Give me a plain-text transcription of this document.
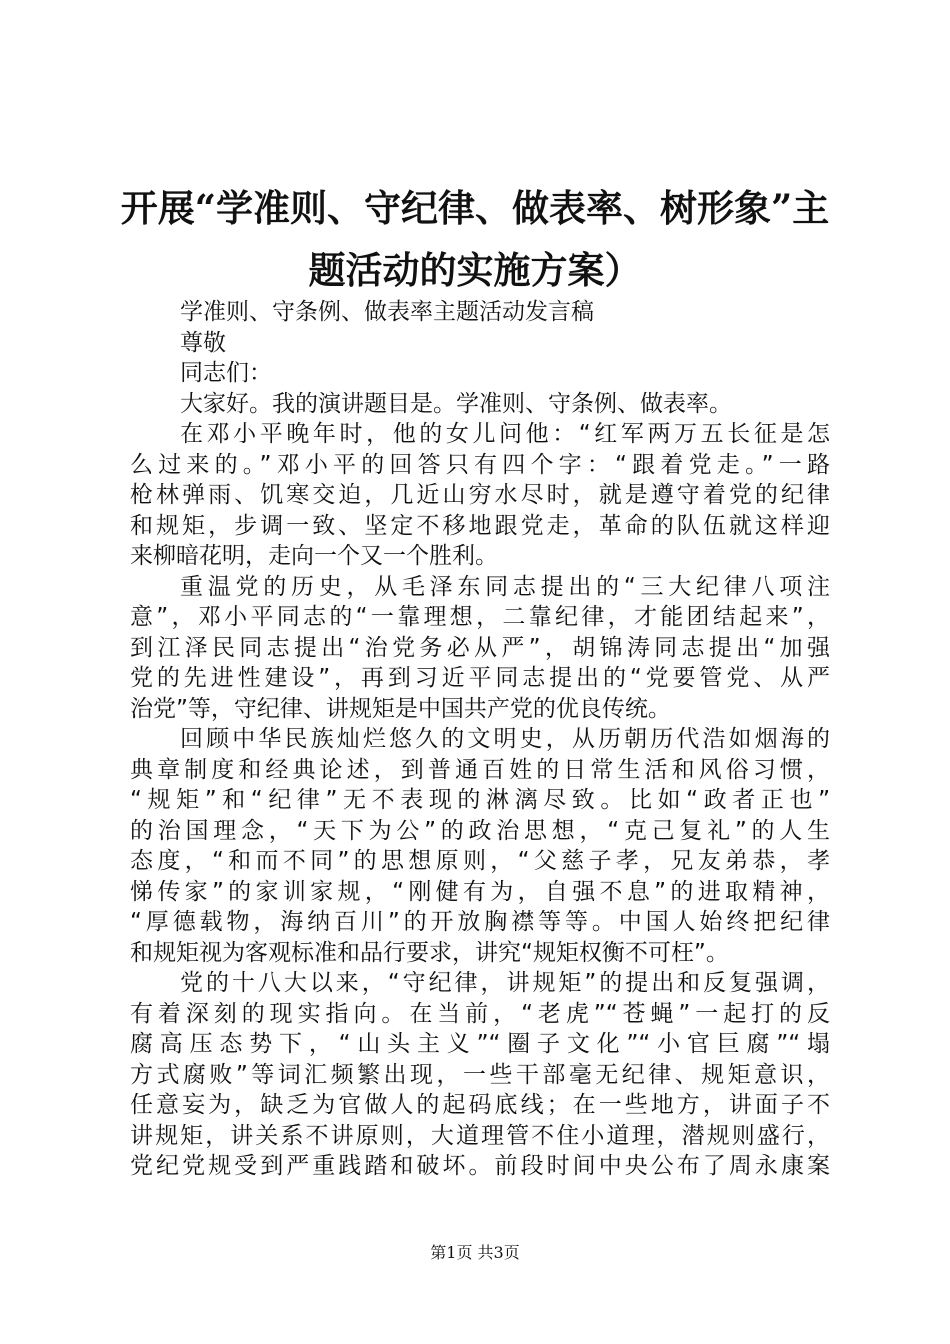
开展“学准则、守纪律、做表率、树形象”主
题活动的实施方案）
学准则、守条例、做表率主题活动发言稿
尊敬
同志们：
大家好。我的演讲题目是。学准则、守条例、做表率。
在邓小平晚年时，他的女儿问他：“红军两万五长征是怎
么过来的。”邓小平的回答只有四个字：“跟着党走。”一路
枪林弹雨、饥寒交迫，几近山穷水尽时，就是遵守着党的纪律
和规矩，步调一致、坚定不移地跟党走，革命的队伍就这样迎
来柳暗花明，走向一个又一个胜利。
重温党的历史，从毛泽东同志提出的“三大纪律八项注
意”，邓小平同志的“一靠理想，二靠纪律，才能团结起来”，
到江泽民同志提出“治党务必从严”，胡锦涛同志提出“加强
党的先进性建设”，再到习近平同志提出的“党要管党、从严
治党”等，守纪律、讲规矩是中国共产党的优良传统。
回顾中华民族灿烂悠久的文明史，从历朝历代浩如烟海的
典章制度和经典论述，到普通百姓的日常生活和风俗习惯，
“规矩”和“纪律”无不表现的淋漓尽致。比如“政者正也”
的治国理念，“天下为公”的政治思想，“克己复礼”的人生
态度，“和而不同”的思想原则，“父慈子孝，兄友弟恭，孝
悌传家”的家训家规，“刚健有为，自强不息”的进取精神，
“厚德载物，海纳百川”的开放胸襟等等。中国人始终把纪律
和规矩视为客观标准和品行要求，讲究“规矩权衡不可枉”。
党的十八大以来，“守纪律，讲规矩”的提出和反复强调，
有着深刻的现实指向。在当前，“老虎”“苍蝇”一起打的反
腐高压态势下，“山头主义”“圈子文化”“小官巨腐”“塌
方式腐败”等词汇频繁出现，一些干部毫无纪律、规矩意识，
任意妄为，缺乏为官做人的起码底线；在一些地方，讲面子不
讲规矩，讲关系不讲原则，大道理管不住小道理，潜规则盛行，
党纪党规受到严重践踏和破坏。前段时间中央公布了周永康案
第1页 共3页
